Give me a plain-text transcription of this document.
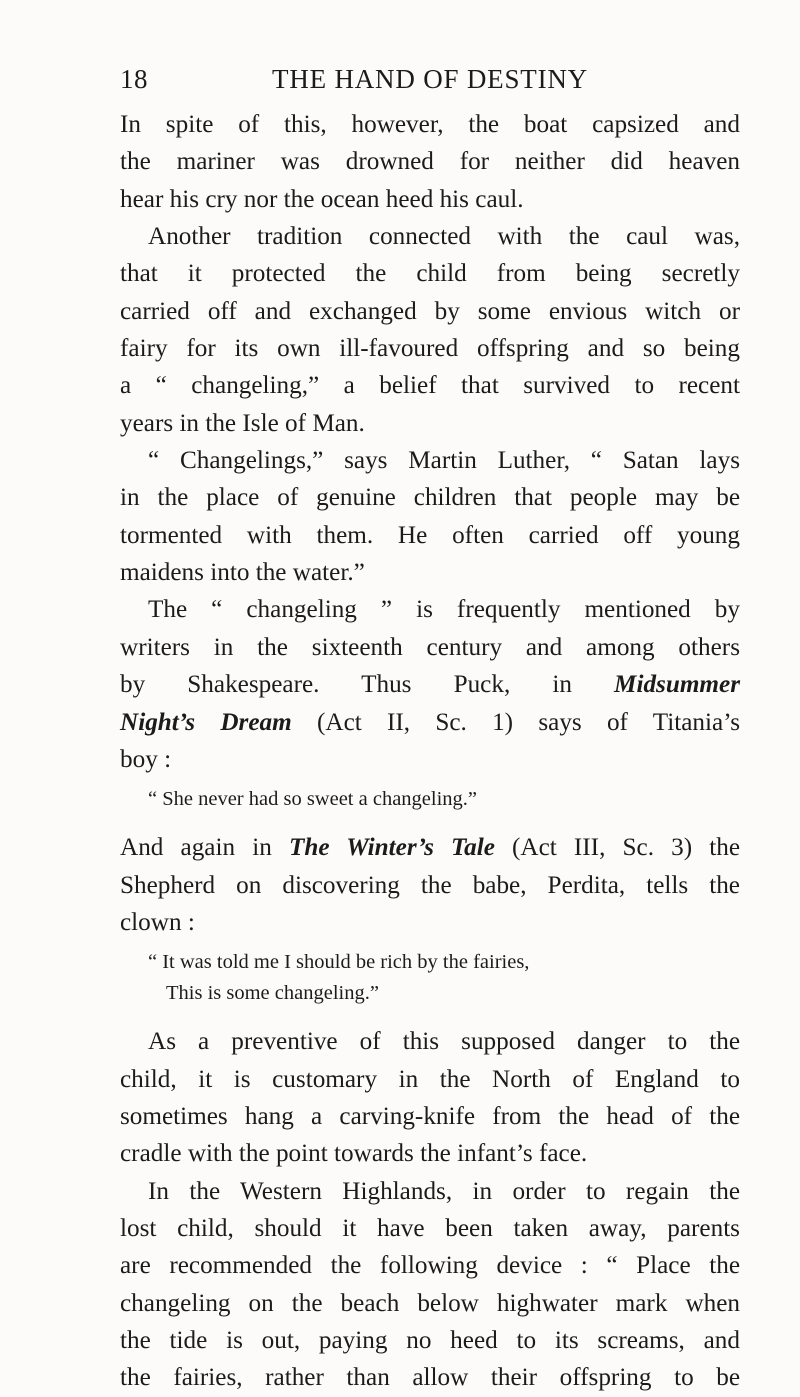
18	THE HAND OF DESTINY
In spite of this, however, the boat capsized and
the mariner was drowned for neither did heaven
hear his cry nor the ocean heed his caul.
Another tradition connected with the caul was,
that it protected the child from being secretly
carried off and exchanged by some envious witch or
fairy for its own ill-favoured offspring and so being
a “ changeling,” a belief that survived to recent
years in the Isle of Man.
“ Changelings,” says Martin Luther, “ Satan lays
in the place of genuine children that people may be
tormented with them. He often carried off young
maidens into the water.”
The “ changeling ” is frequently mentioned by
writers in the sixteenth century and among others
by Shakespeare. Thus Puck, in Midsummer
Night’s Dream (Act II, Sc. 1) says of Titania’s
boy :
“ She never had so sweet a changeling.”
And again in The Winter’s Tale (Act III, Sc. 3) the
Shepherd on discovering the babe, Perdita, tells the
clown :
“ It was told me I should be rich by the fairies,
This is some changeling.”
As a preventive of this supposed danger to the
child, it is customary in the North of England to
sometimes hang a carving-knife from the head of the
cradle with the point towards the infant’s face.
In the Western Highlands, in order to regain the
lost child, should it have been taken away, parents
are recommended the following device : “ Place the
changeling on the beach below highwater mark when
the tide is out, paying no heed to its screams, and
the fairies, rather than allow their offspring to be
